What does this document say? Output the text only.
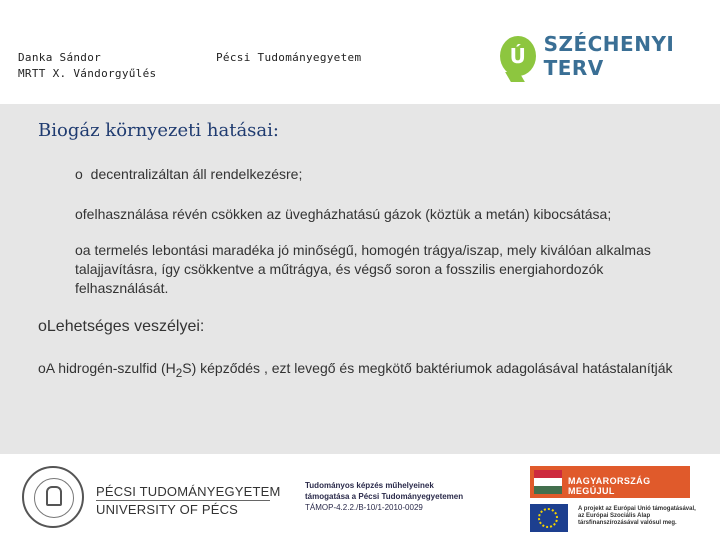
Danka Sándor
MRTT X. Vándorgyűlés
Pécsi Tudományegyetem	Ú SZÉCHENYI TERV
Biogáz környezeti hatásai:
o decentralizáltan áll rendelkezésre;
ofelhasználása révén csökken az üvegházhatású gázok (köztük a metán) kibocsátása;
oa termelés lebontási maradéka jó minőségű, homogén trágya/iszap, mely kiválóan alkalmas talajjavításra, így csökkentve a műtrágya, és végső soron a fosszilis energiahordozók felhasználását.
oLehetséges veszélyei:
oA hidrogén-szulfid $(H_2S)$ képződés , ezt levegő és megkötő baktériumok adagolásával hatástalanítják
PÉCSI TUDOMÁNYEGYETEM
UNIVERSITY OF PÉCS
Tudományos képzés műhelyeinek
támogatása a Pécsi Tudományegyetemen
TÁMOP-4.2.2./B-10/1-2010-0029
MAGYARORSZÁG MEGÚJUL
A projekt az Európai Unió támogatásával,
az Európai Szociális Alap
társfinanszírozásával valósul meg.
